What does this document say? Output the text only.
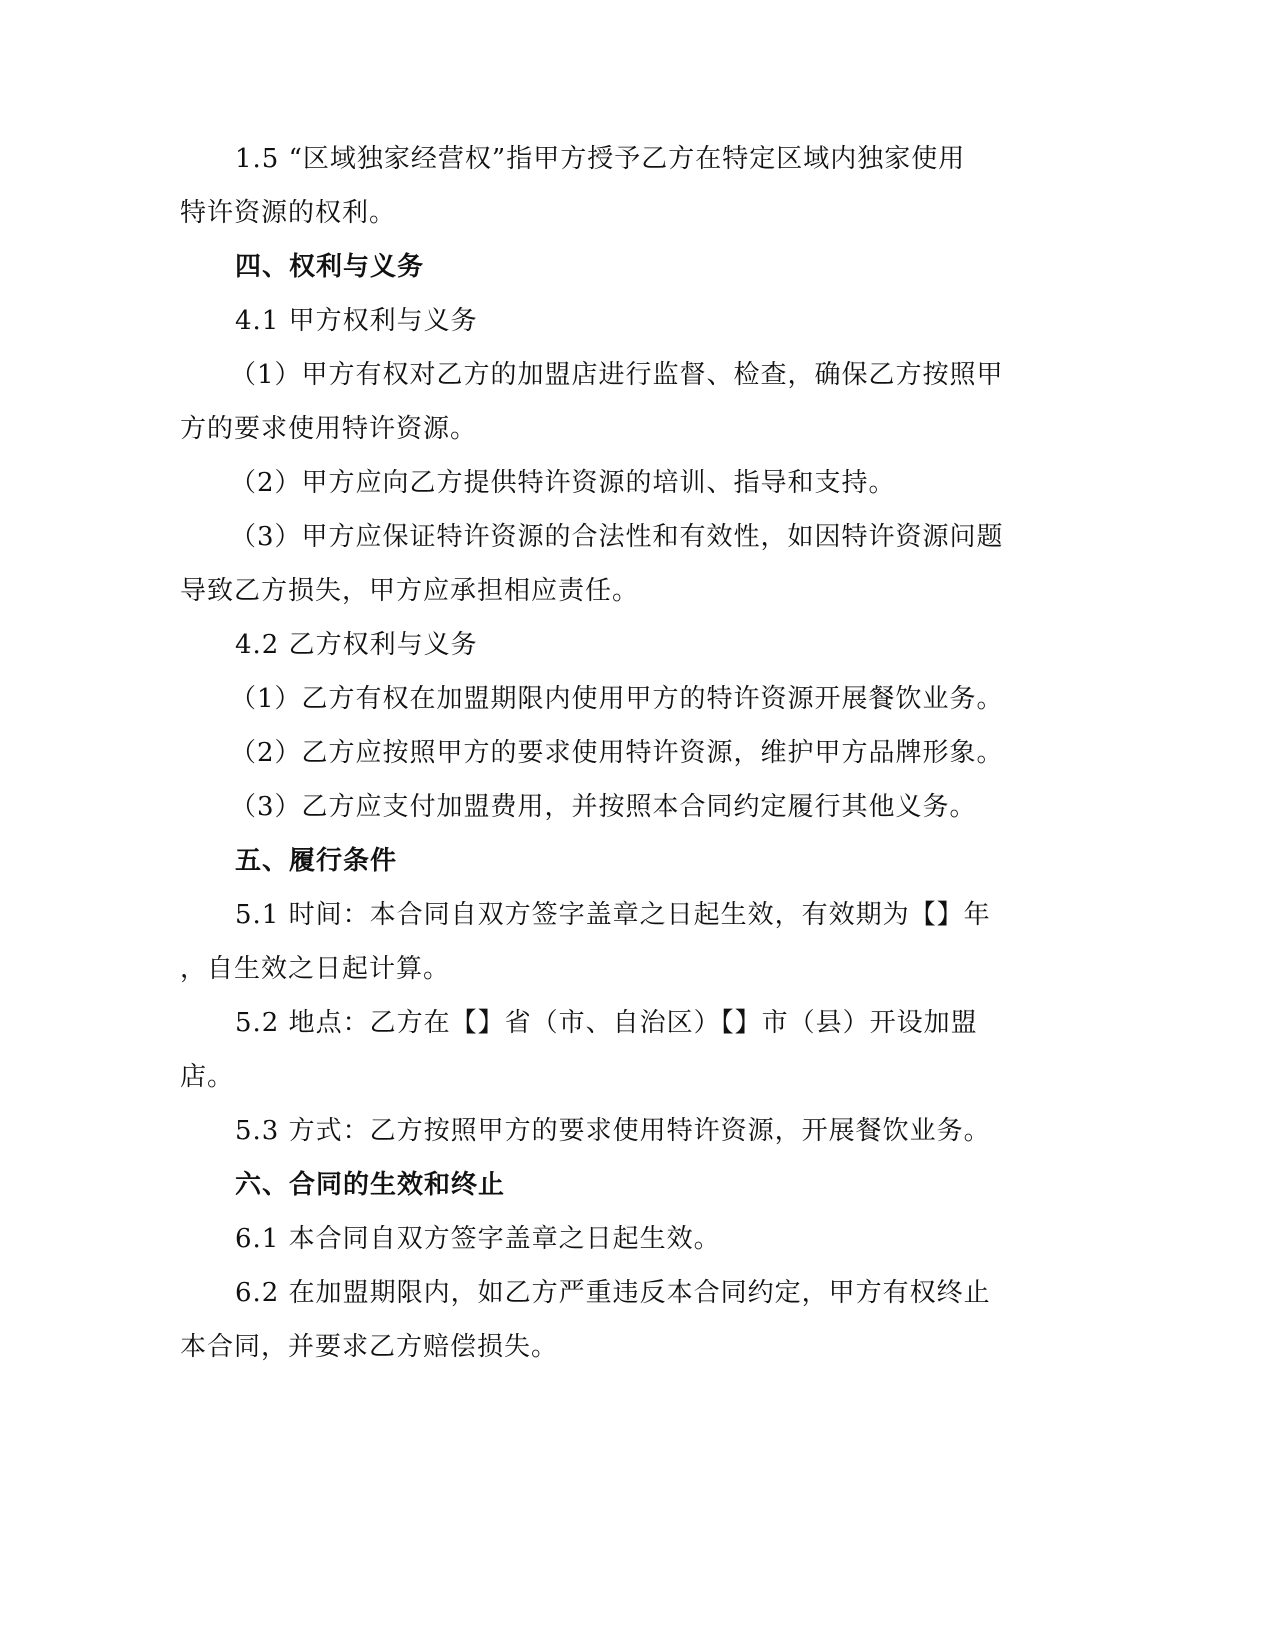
1.5 “区域独家经营权”指甲方授予乙方在特定区域内独家使用
特许资源的权利。
四、权利与义务
4.1 甲方权利与义务
（1）甲方有权对乙方的加盟店进行监督、检查，确保乙方按照甲
方的要求使用特许资源。
（2）甲方应向乙方提供特许资源的培训、指导和支持。
（3）甲方应保证特许资源的合法性和有效性，如因特许资源问题
导致乙方损失，甲方应承担相应责任。
4.2 乙方权利与义务
（1）乙方有权在加盟期限内使用甲方的特许资源开展餐饮业务。
（2）乙方应按照甲方的要求使用特许资源，维护甲方品牌形象。
（3）乙方应支付加盟费用，并按照本合同约定履行其他义务。
五、履行条件
5.1 时间：本合同自双方签字盖章之日起生效，有效期为【】年
，自生效之日起计算。
5.2 地点：乙方在【】省（市、自治区）【】市（县）开设加盟
店。
5.3 方式：乙方按照甲方的要求使用特许资源，开展餐饮业务。
六、合同的生效和终止
6.1 本合同自双方签字盖章之日起生效。
6.2 在加盟期限内，如乙方严重违反本合同约定，甲方有权终止
本合同，并要求乙方赔偿损失。
